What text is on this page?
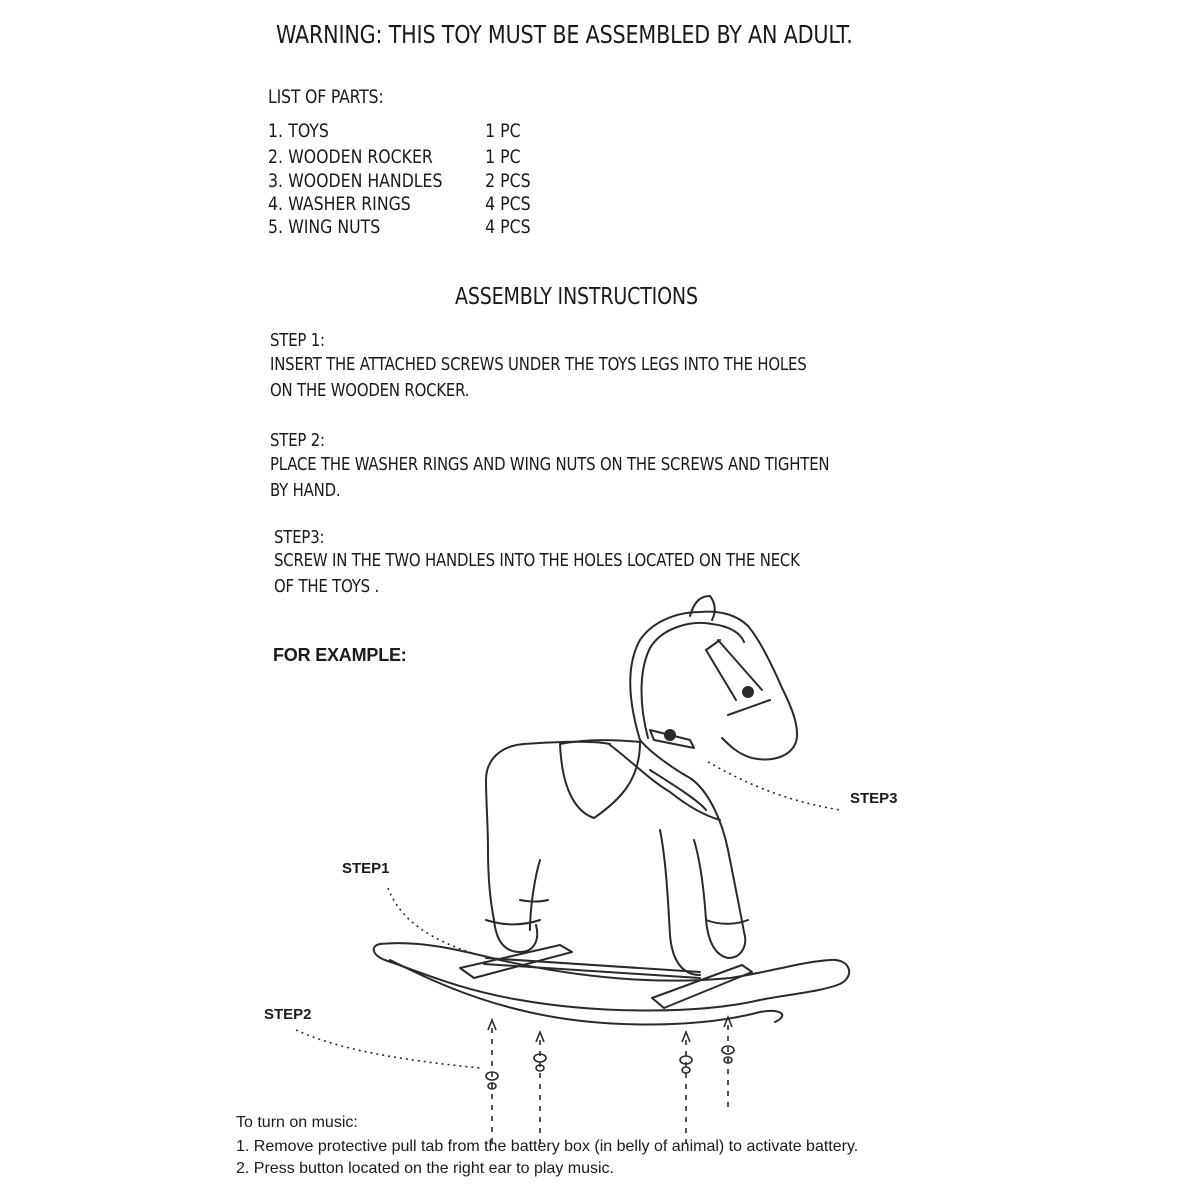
WARNING: THIS TOY MUST BE ASSEMBLED BY AN ADULT.
LIST OF PARTS:
1. TOYS	1 PC
2. WOODEN ROCKER	1 PC
3. WOODEN HANDLES 2 PCS
4. WASHER RINGS	4 PCS
5. WING NUTS	4 PCS
ASSEMBLY INSTRUCTIONS
STEP 1:
INSERT THE ATTACHED SCREWS UNDER THE TOYS LEGS INTO THE HOLES
ON THE WOODEN ROCKER.
STEP 2:
PLACE THE WASHER RINGS AND WING NUTS ON THE SCREWS AND TIGHTEN
BY HAND.
STEP3:
SCREW IN THE TWO HANDLES INTO THE HOLES LOCATED ON THE NECK
OF THE TOYS .
FOR EXAMPLE:
STEP1
STEP2
STEP3
To turn on music:
1. Remove protective pull tab from the battery box (in belly of animal) to activate battery.
2. Press button located on the right ear to play music.
